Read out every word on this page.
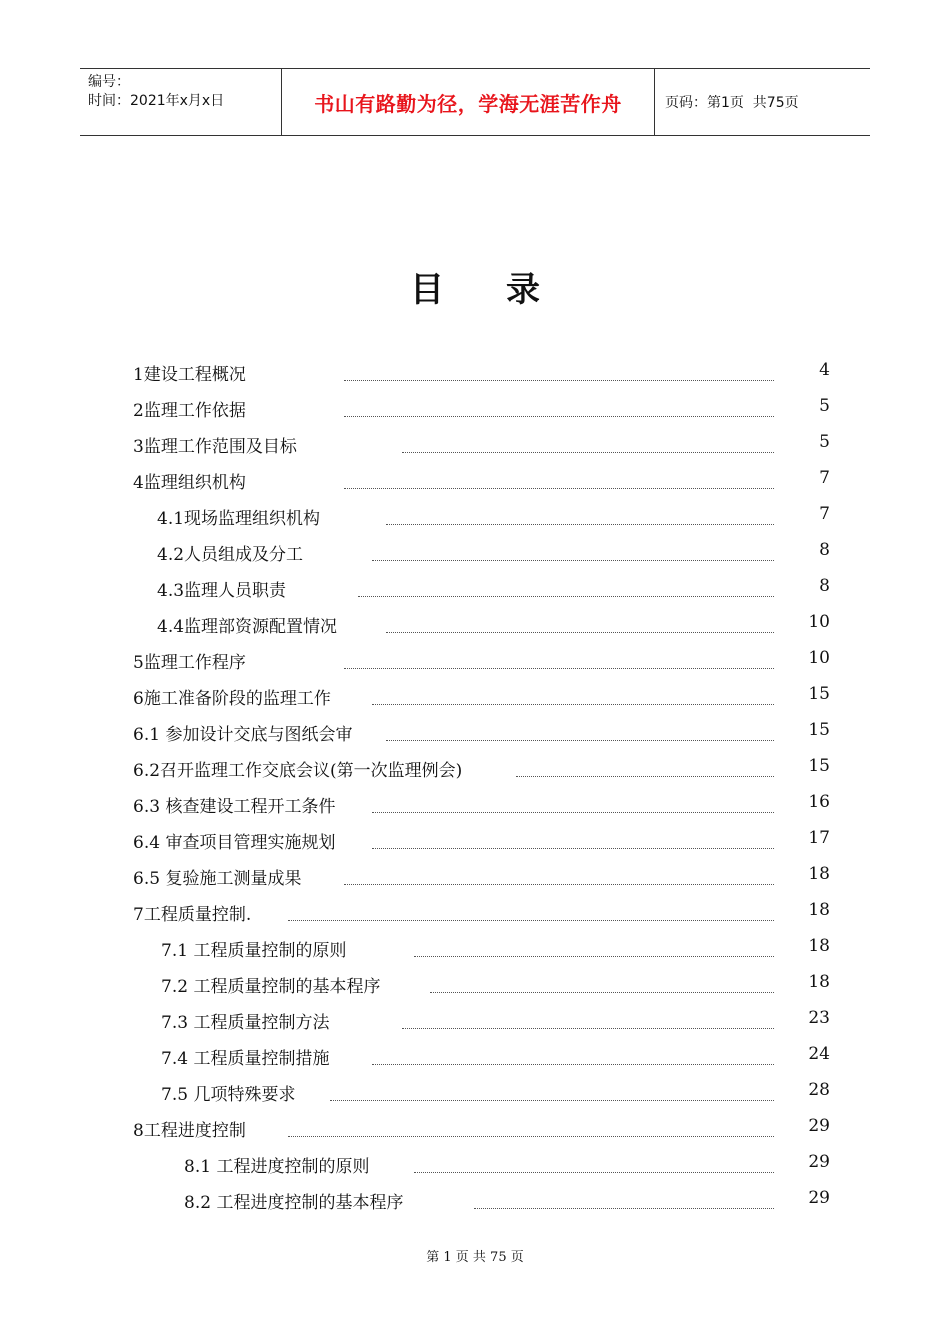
编号：
时间：2021年x月x日	书山有路勤为径，学海无涯苦作舟	页码：第1页  共75页
目 录
1建设工程概况	4
2监理工作依据	5
3监理工作范围及目标	5
4监理组织机构	7
4.1现场监理组织机构	7
4.2人员组成及分工	8
4.3监理人员职责	8
4.4监理部资源配置情况	10
5监理工作程序	10
6施工准备阶段的监理工作	15
6.1 参加设计交底与图纸会审	15
6.2召开监理工作交底会议(第一次监理例会)	15
6.3 核查建设工程开工条件	16
6.4 审查项目管理实施规划	17
6.5 复验施工测量成果	18
7工程质量控制.	18
7.1 工程质量控制的原则	18
7.2 工程质量控制的基本程序	18
7.3 工程质量控制方法	23
7.4 工程质量控制措施	24
7.5 几项特殊要求	28
8工程进度控制	29
8.1 工程进度控制的原则	29
8.2 工程进度控制的基本程序	29
第 1 页 共 75 页
